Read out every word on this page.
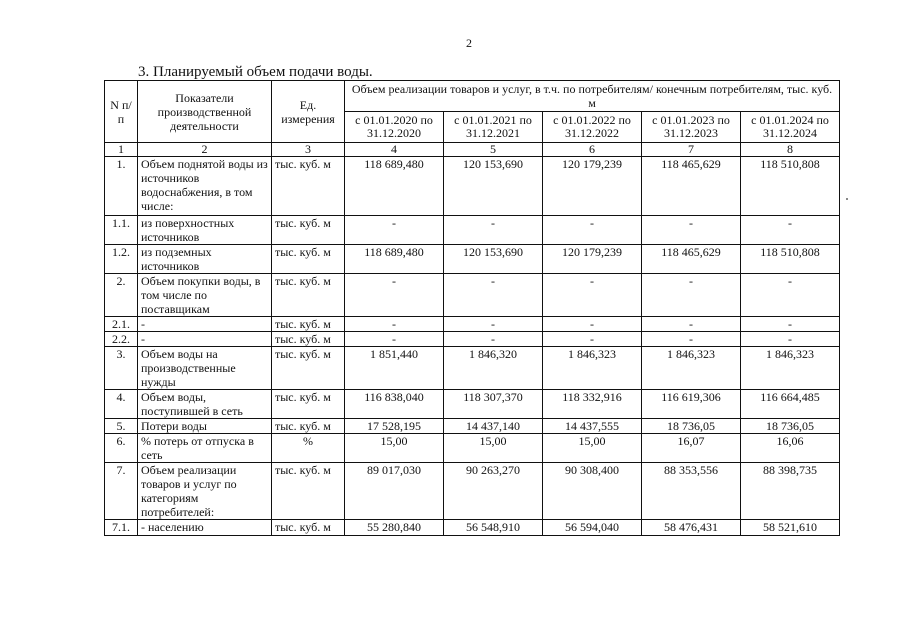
2
3. Планируемый объем подачи воды.
N п/п	Показатели производственной деятельности	Ед. измерения	Объем реализации товаров и услуг, в т.ч. по потребителям/ конечным потребителям, тыс. куб. м				
			с 01.01.2020 по 31.12.2020	с 01.01.2021 по 31.12.2021	с 01.01.2022 по 31.12.2022	с 01.01.2023 по 31.12.2023	с 01.01.2024 по 31.12.2024
1	2	3	4	5	6	7	8
1.	Объем поднятой воды из источников водоснабжения, в том числе:	тыс. куб. м	118 689,480	120 153,690	120 179,239	118 465,629	118 510,808
1.1.	из поверхностных источников	тыс. куб. м	-	-	-	-	-
1.2.	из подземных источников	тыс. куб. м	118 689,480	120 153,690	120 179,239	118 465,629	118 510,808
2.	Объем покупки воды, в том числе по поставщикам	тыс. куб. м	-	-	-	-	-
2.1.	-	тыс. куб. м	-	-	-	-	-
2.2.	-	тыс. куб. м	-	-	-	-	-
3.	Объем воды на производственные нужды	тыс. куб. м	1 851,440	1 846,320	1 846,323	1 846,323	1 846,323
4.	Объем воды, поступившей в сеть	тыс. куб. м	116 838,040	118 307,370	118 332,916	116 619,306	116 664,485
5.	Потери воды	тыс. куб. м	17 528,195	14 437,140	14 437,555	18 736,05	18 736,05
6.	% потерь от отпуска в сеть	%	15,00	15,00	15,00	16,07	16,06
7.	Объем реализации товаров и услуг по категориям потребителей:	тыс. куб. м	89 017,030	90 263,270	90 308,400	88 353,556	88 398,735
7.1.	- населению	тыс. куб. м	55 280,840	56 548,910	56 594,040	58 476,431	58 521,610
